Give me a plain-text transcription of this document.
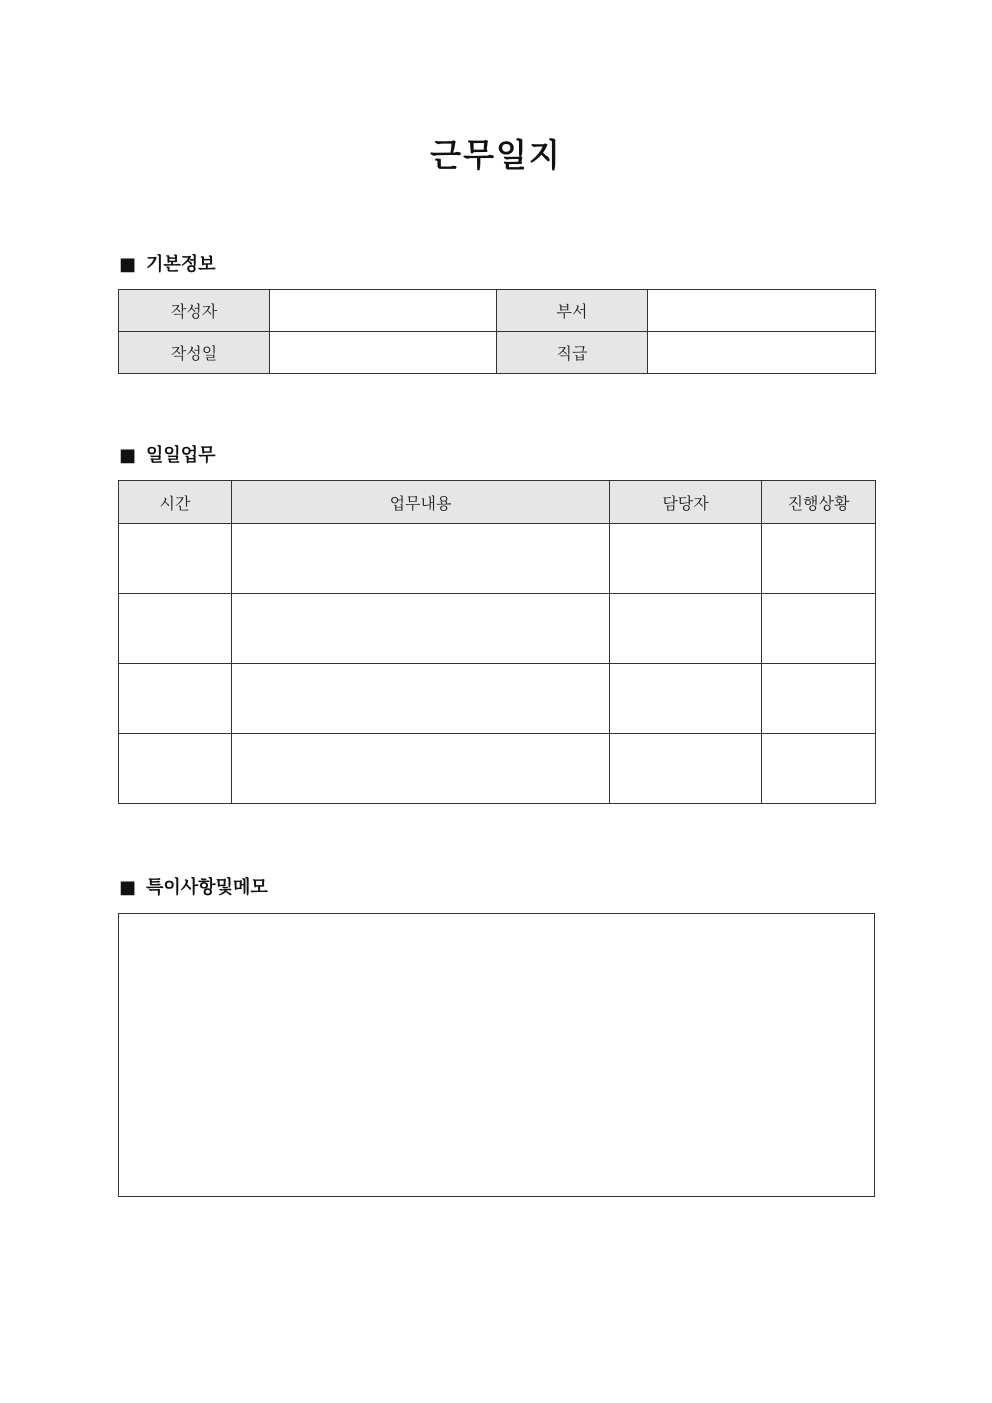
근무일지
■ 기본정보
작성자		부서	
작성일		직급	
■ 일일업무
시간	업무내용	담당자	진행상황

■ 특이사항및메모
